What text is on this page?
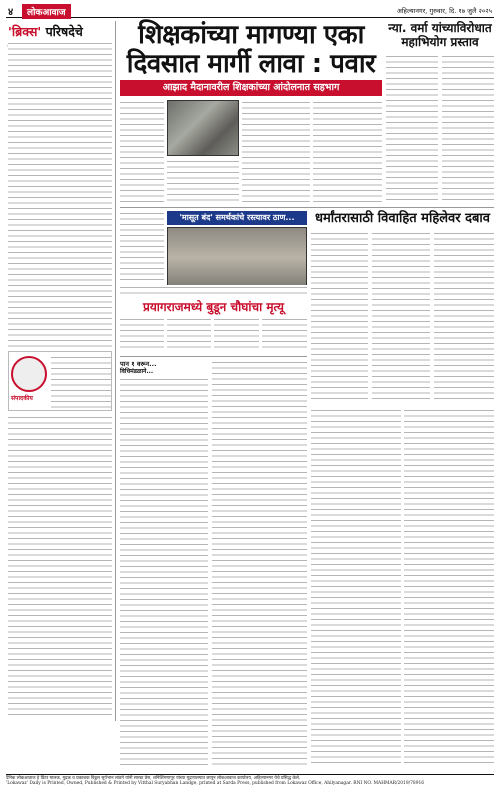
४	लोकआवाज	अहिल्यानगर, गुरुवार, दि. १७ जुलै २०२५
'ब्रिक्स' परिषदेचे
संपादकीय
शिक्षकांच्या मागण्या एका
दिवसात मार्गी लावा : पवार
आझाद मैदानावरील शिक्षकांच्या आंदोलनात सहभाग
न्या. वर्मा यांच्याविरोधात महाभियोग प्रस्ताव
'मासूत बंद' समर्थकांचे रस्त्यावर ठाण...	धर्मांतरासाठी विवाहित महिलेवर दबाव
प्रयागराजमध्ये बुडून चौघांचा मृत्यू
पान १ वरून...
विधिमंडळाने...
दैनिक लोकआवाज हे प्रिंटर मालक, मुद्रक व प्रकाशक विठ्ठल सूर्यभान लांडगे यांनी सारडा प्रेस, शनिशिंगणापूर यांच्या मुद्रणालयात छापून लोकआवाज कार्यालय, अहिल्यानगर येथे प्रसिद्ध केले.
'Lokawaz' Daily is Printed, Owned, Published & Printed by Vitthal Suryabhan Landge, printed at Sarda Press, published from Lokawaz Office, Ahilyanagar. RNI NO. MAHMAR/2019/78916
